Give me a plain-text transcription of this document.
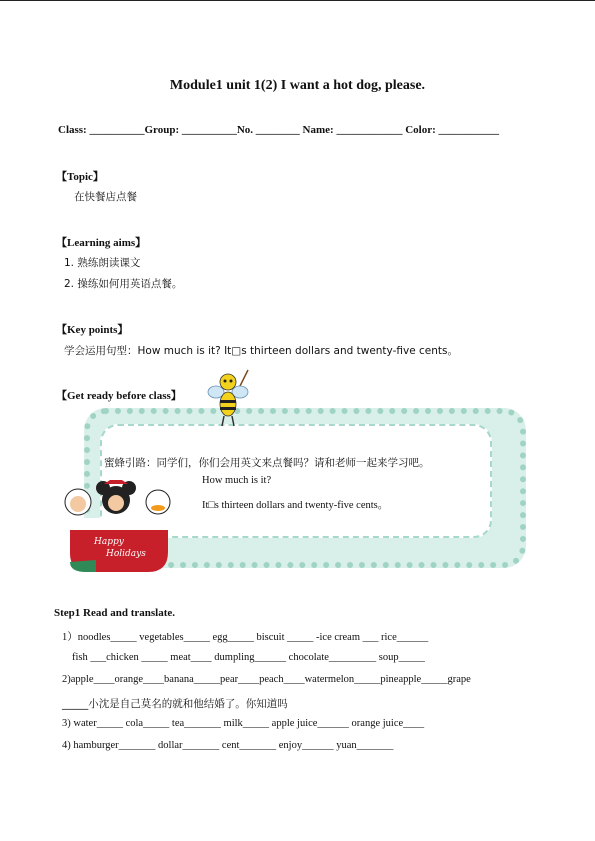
Module1 unit 1(2) I want a hot dog, please.
Class: __________Group: __________No. ________ Name: ____________ Color: ___________
【Topic】
在快餐店点餐
【Learning aims】
1. 熟练朗读课文
2. 操练如何用英语点餐。
【Key points】
学会运用句型：How much is it? It□s thirteen dollars and twenty-five cents。
【Get ready before class】
蜜蜂引路：同学们，你们会用英文来点餐吗？请和老师一起来学习吧。
How much is it?
It□s thirteen dollars and twenty-five cents。
Happy
Holidays
Step1 Read and translate.
1）noodles_____ vegetables_____ egg_____ biscuit _____ -ice cream ___ rice______
fish ___chicken _____ meat____ dumpling______ chocolate_________ soup_____
2)apple____orange____banana_____pear____peach____watermelon_____pineapple_____grape
_____小沈是自己莫名的就和他结婚了。你知道吗
3) water_____ cola_____ tea_______ milk_____ apple juice______ orange juice____
4) hamburger_______ dollar_______ cent_______ enjoy______ yuan_______
